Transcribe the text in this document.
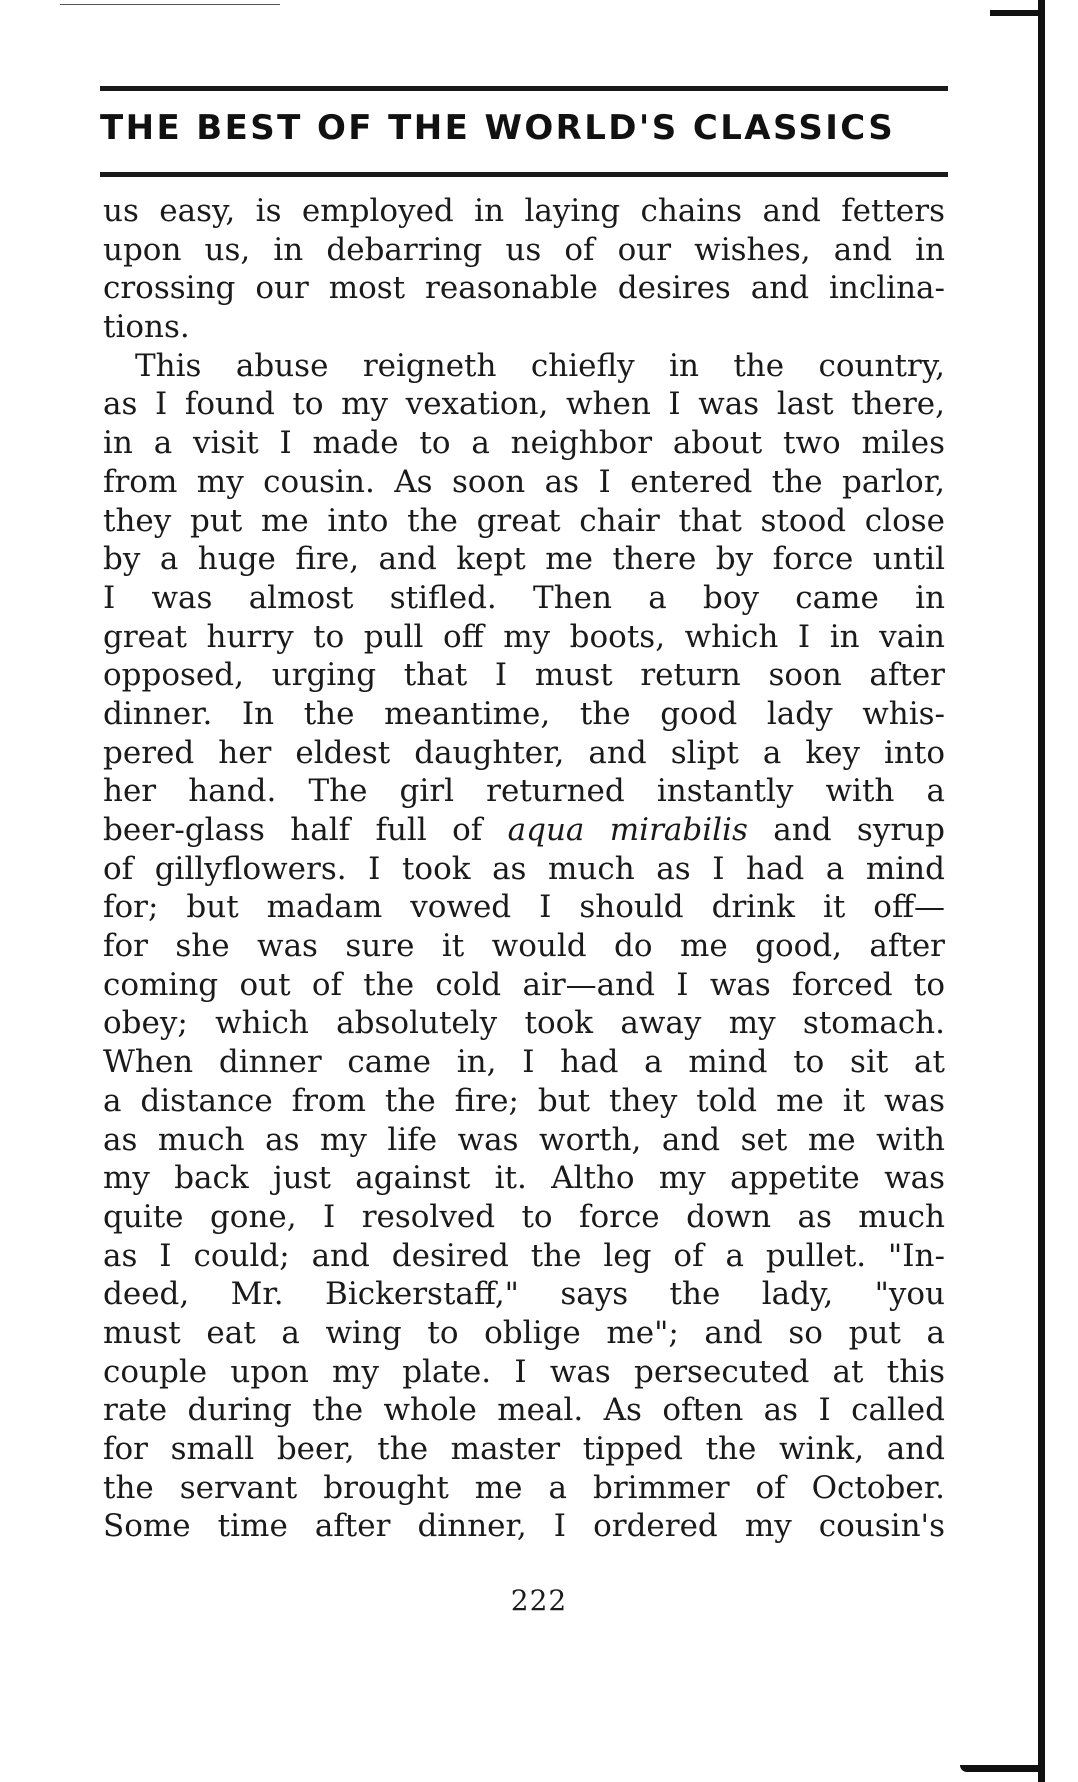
THE BEST OF THE WORLD'S CLASSICS
us easy, is employed in laying chains and fetters
upon us, in debarring us of our wishes, and in
crossing our most reasonable desires and inclina-
tions.
This abuse reigneth chiefly in the country,
as I found to my vexation, when I was last there,
in a visit I made to a neighbor about two miles
from my cousin. As soon as I entered the parlor,
they put me into the great chair that stood close
by a huge fire, and kept me there by force until
I was almost stifled. Then a boy came in
great hurry to pull off my boots, which I in vain
opposed, urging that I must return soon after
dinner. In the meantime, the good lady whis-
pered her eldest daughter, and slipt a key into
her hand. The girl returned instantly with a
beer-glass half full of aqua mirabilis and syrup
of gillyflowers. I took as much as I had a mind
for; but madam vowed I should drink it off—
for she was sure it would do me good, after
coming out of the cold air—and I was forced to
obey; which absolutely took away my stomach.
When dinner came in, I had a mind to sit at
a distance from the fire; but they told me it was
as much as my life was worth, and set me with
my back just against it. Altho my appetite was
quite gone, I resolved to force down as much
as I could; and desired the leg of a pullet. "In-
deed, Mr. Bickerstaff," says the lady, "you
must eat a wing to oblige me"; and so put a
couple upon my plate. I was persecuted at this
rate during the whole meal. As often as I called
for small beer, the master tipped the wink, and
the servant brought me a brimmer of October.
Some time after dinner, I ordered my cousin's
222
